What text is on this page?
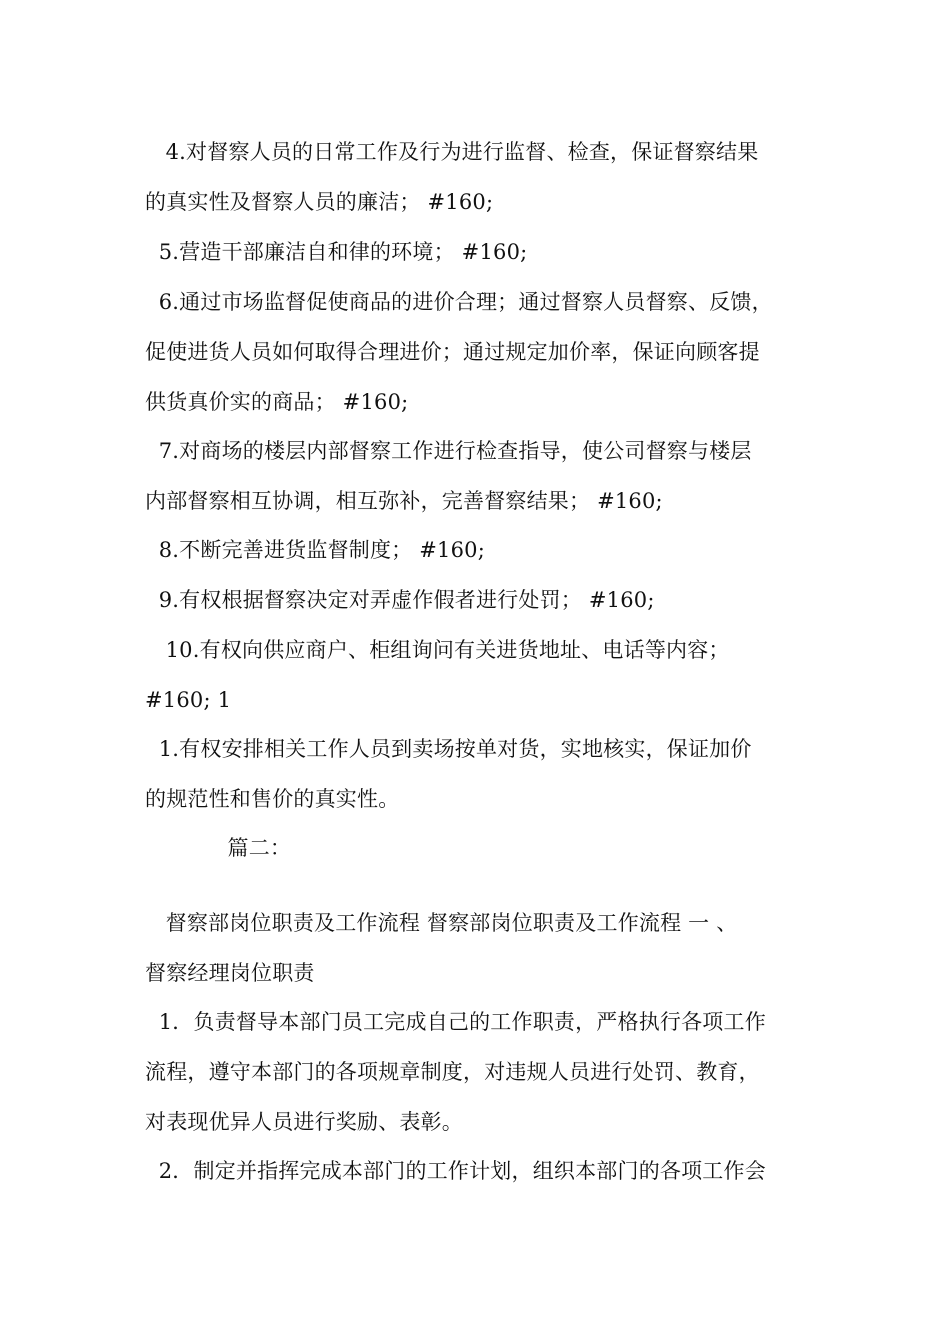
4.对督察人员的日常工作及行为进行监督、检查，保证督察结果
的真实性及督察人员的廉洁； #160;

5.营造干部廉洁自和律的环境； #160;

6.通过市场监督促使商品的进价合理；通过督察人员督察、反馈，
促使进货人员如何取得合理进价；通过规定加价率，保证向顾客提
供货真价实的商品； #160;

7.对商场的楼层内部督察工作进行检查指导，使公司督察与楼层
内部督察相互协调，相互弥补，完善督察结果； #160;

8.不断完善进货监督制度； #160;

9.有权根据督察决定对弄虚作假者进行处罚； #160;

10.有权向供应商户、柜组询问有关进货地址、电话等内容；
#160; 1

1.有权安排相关工作人员到卖场按单对货，实地核实，保证加价
的规范性和售价的真实性。

篇二：

督察部岗位职责及工作流程 督察部岗位职责及工作流程 一 、
督察经理岗位职责

1．负责督导本部门员工完成自己的工作职责，严格执行各项工作
流程，遵守本部门的各项规章制度，对违规人员进行处罚、教育，
对表现优异人员进行奖励、表彰。

2．制定并指挥完成本部门的工作计划，组织本部门的各项工作会
